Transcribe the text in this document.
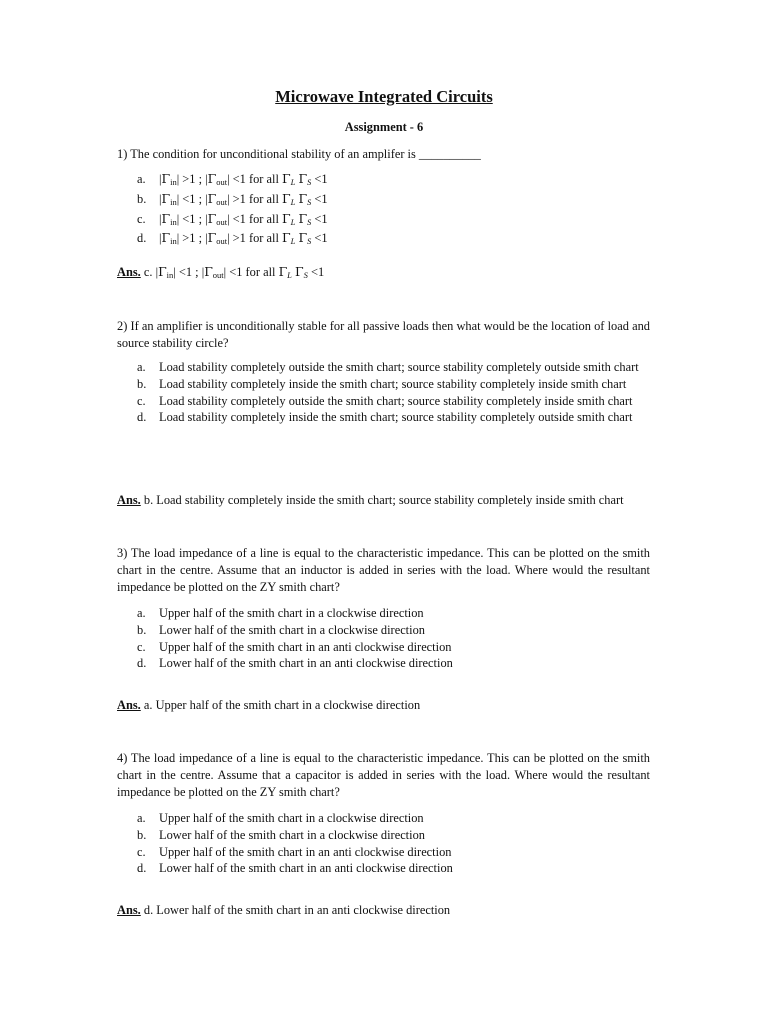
Microwave Integrated Circuits
Assignment - 6
1) The condition for unconditional stability of an amplifer is __________
a. $|\Gamma_{in}| >1$ ; $|\Gamma_{out}| <1$ for all $\Gamma_L$ $\Gamma_S <1$
b. $|\Gamma_{in}| <1$ ; $|\Gamma_{out}| >1$ for all $\Gamma_L$ $\Gamma_S <1$
c. $|\Gamma_{in}| <1$ ; $|\Gamma_{out}| <1$ for all $\Gamma_L$ $\Gamma_S <1$
d. $|\Gamma_{in}| >1$ ; $|\Gamma_{out}| >1$ for all $\Gamma_L$ $\Gamma_S <1$
Ans. c. $|\Gamma_{in}| <1$ ; $|\Gamma_{out}| <1$ for all $\Gamma_L$ $\Gamma_S <1$
2) If an amplifier is unconditionally stable for all passive loads then what would be the location of load and source stability circle?
a. Load stability completely outside the smith chart; source stability completely outside smith chart
b. Load stability completely inside the smith chart; source stability completely inside smith chart
c. Load stability completely outside the smith chart; source stability completely inside smith chart
d. Load stability completely inside the smith chart; source stability completely outside smith chart
Ans. b. Load stability completely inside the smith chart; source stability completely inside smith chart
3) The load impedance of a line is equal to the characteristic impedance. This can be plotted on the smith chart in the centre. Assume that an inductor is added in series with the load. Where would the resultant impedance be plotted on the ZY smith chart?
a. Upper half of the smith chart in a clockwise direction
b. Lower half of the smith chart in a clockwise direction
c. Upper half of the smith chart in an anti clockwise direction
d. Lower half of the smith chart in an anti clockwise direction
Ans. a. Upper half of the smith chart in a clockwise direction
4) The load impedance of a line is equal to the characteristic impedance. This can be plotted on the smith chart in the centre. Assume that a capacitor is added in series with the load. Where would the resultant impedance be plotted on the ZY smith chart?
a. Upper half of the smith chart in a clockwise direction
b. Lower half of the smith chart in a clockwise direction
c. Upper half of the smith chart in an anti clockwise direction
d. Lower half of the smith chart in an anti clockwise direction
Ans. d. Lower half of the smith chart in an anti clockwise direction
